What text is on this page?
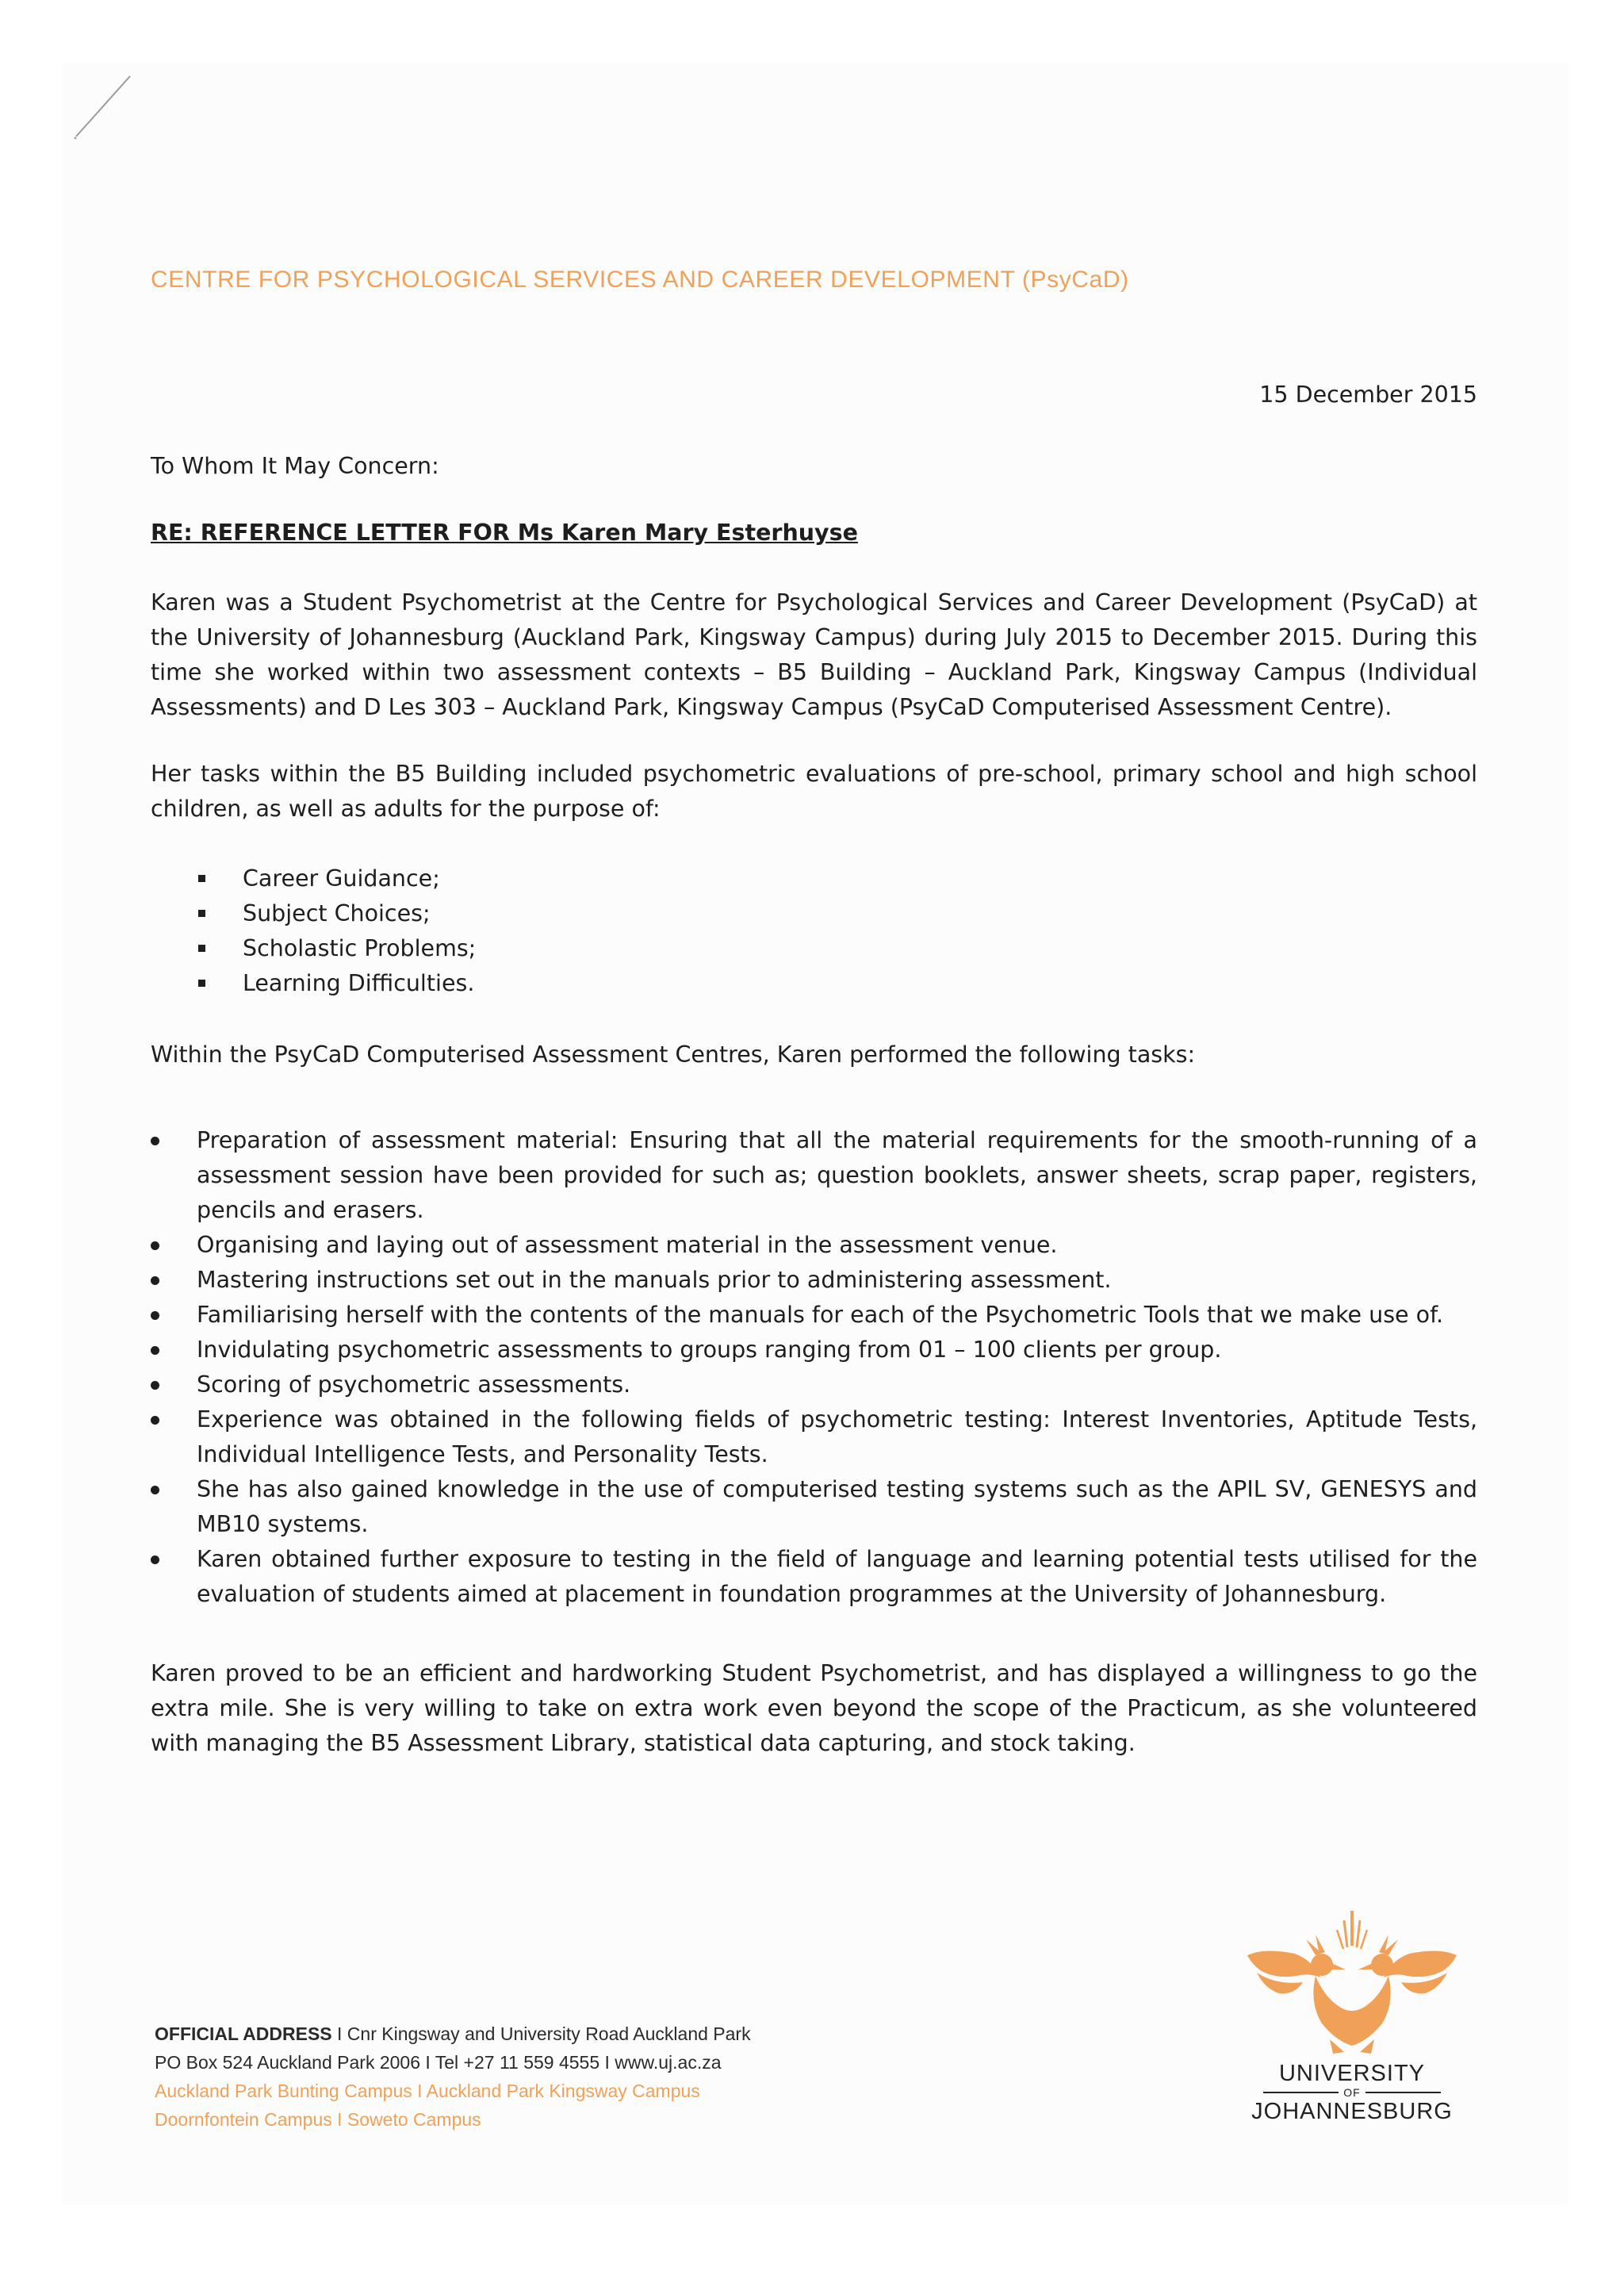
CENTRE FOR PSYCHOLOGICAL SERVICES AND CAREER DEVELOPMENT (PsyCaD)
15 December 2015
To Whom It May Concern:
RE: REFERENCE LETTER FOR Ms Karen Mary Esterhuyse

Karen was a Student Psychometrist at the Centre for Psychological Services and Career Development (PsyCaD) at the University of Johannesburg (Auckland Park, Kingsway Campus) during July 2015 to December 2015. During this time she worked within two assessment contexts – B5 Building – Auckland Park, Kingsway Campus (Individual Assessments) and D Les 303 – Auckland Park, Kingsway Campus (PsyCaD Computerised Assessment Centre).

Her tasks within the B5 Building included psychometric evaluations of pre-school, primary school and high school children, as well as adults for the purpose of:

Career Guidance;
Subject Choices;
Scholastic Problems;
Learning Difficulties.

Within the PsyCaD Computerised Assessment Centres, Karen performed the following tasks:

Preparation of assessment material: Ensuring that all the material requirements for the smooth-running of a assessment session have been provided for such as; question booklets, answer sheets, scrap paper, registers, pencils and erasers.
Organising and laying out of assessment material in the assessment venue.
Mastering instructions set out in the manuals prior to administering assessment.
Familiarising herself with the contents of the manuals for each of the Psychometric Tools that we make use of.
Invidulating psychometric assessments to groups ranging from 01 – 100 clients per group.
Scoring of psychometric assessments.
Experience was obtained in the following fields of psychometric testing: Interest Inventories, Aptitude Tests, Individual Intelligence Tests, and Personality Tests.
She has also gained knowledge in the use of computerised testing systems such as the APIL SV, GENESYS and MB10 systems.
Karen obtained further exposure to testing in the field of language and learning potential tests utilised for the evaluation of students aimed at placement in foundation programmes at the University of Johannesburg.

Karen proved to be an efficient and hardworking Student Psychometrist, and has displayed a willingness to go the extra mile. She is very willing to take on extra work even beyond the scope of the Practicum, as she volunteered with managing the B5 Assessment Library, statistical data capturing, and stock taking.

OFFICIAL ADDRESS I Cnr Kingsway and University Road Auckland Park
PO Box 524 Auckland Park 2006 I Tel +27 11 559 4555 I www.uj.ac.za
Auckland Park Bunting Campus I Auckland Park Kingsway Campus
Doornfontein Campus I Soweto Campus
UNIVERSITY
OF
JOHANNESBURG
